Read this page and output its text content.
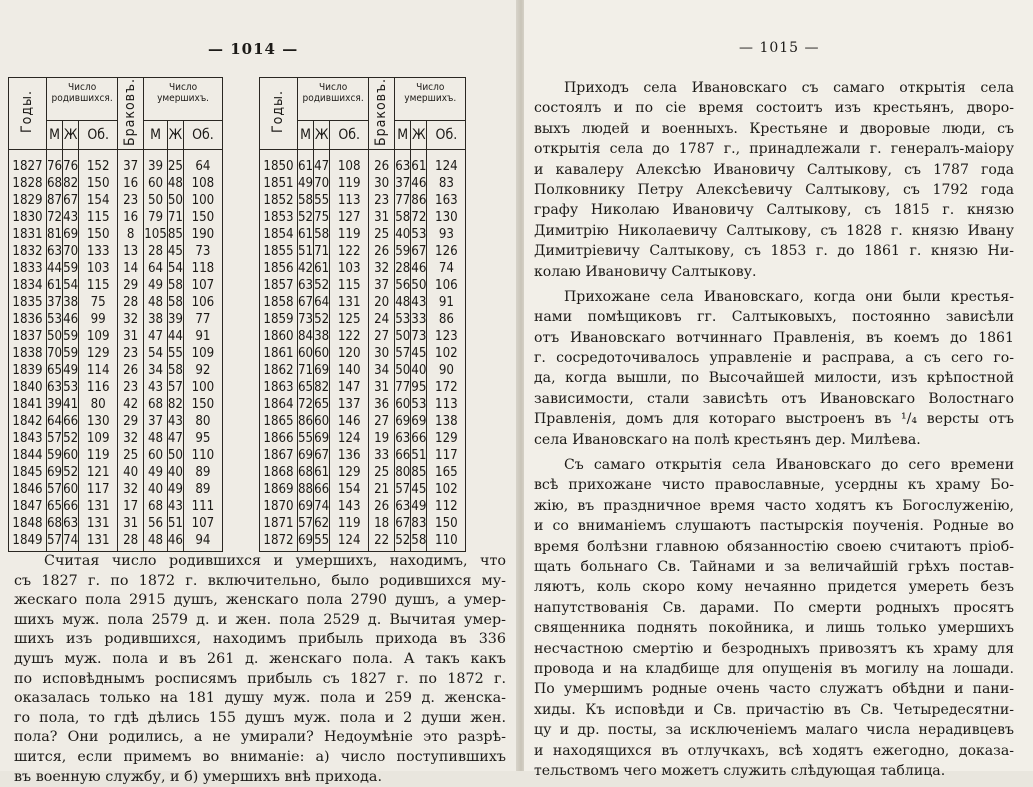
— 1014 —
Годы.	Число родившихся.			Браковъ.	Число умершихъ.		
	М	Ж	Об.		М	Ж	Об.
1827	76	76	152	37	39	25	64
1828	68	82	150	16	60	48	108
1829	87	67	154	23	50	50	100
1830	72	43	115	16	79	71	150
1831	81	69	150	8	105	85	190
1832	63	70	133	13	28	45	73
1833	44	59	103	14	64	54	118
1834	61	54	115	29	49	58	107
1835	37	38	75	28	48	58	106
1836	53	46	99	32	38	39	77
1837	50	59	109	31	47	44	91
1838	70	59	129	23	54	55	109
1839	65	49	114	26	34	58	92
1840	63	53	116	23	43	57	100
1841	39	41	80	42	68	82	150
1842	64	66	130	29	37	43	80
1843	57	52	109	32	48	47	95
1844	59	60	119	25	60	50	110
1845	69	52	121	40	49	40	89
1846	57	60	117	32	40	49	89
1847	65	66	131	17	68	43	111
1848	68	63	131	31	56	51	107
1849	57	74	131	28	48	46	94
Годы.	Число родившихся.			Браковъ.	Число умершихъ.		
	М	Ж	Об.		М	Ж	Об.
1850	61	47	108	26	63	61	124
1851	49	70	119	30	37	46	83
1852	58	55	113	23	77	86	163
1853	52	75	127	31	58	72	130
1854	61	58	119	25	40	53	93
1855	51	71	122	26	59	67	126
1856	42	61	103	32	28	46	74
1857	63	52	115	37	56	50	106
1858	67	64	131	20	48	43	91
1859	73	52	125	24	53	33	86
1860	84	38	122	27	50	73	123
1861	60	60	120	30	57	45	102
1862	71	69	140	34	50	40	90
1863	65	82	147	31	77	95	172
1864	72	65	137	36	60	53	113
1865	86	60	146	27	69	69	138
1866	55	69	124	19	63	66	129
1867	69	67	136	33	66	51	117
1868	68	61	129	25	80	85	165
1869	88	66	154	21	57	45	102
1870	69	74	143	26	63	49	112
1871	57	62	119	18	67	83	150
1872	69	55	124	22	52	58	110
Считая число родившихся и умершихъ, находимъ, что
съ 1827 г. по 1872 г. включительно, было родившихся му-
жескаго пола 2915 душъ, женскаго пола 2790 душъ, а умер-
шихъ муж. пола 2579 д. и жен. пола 2529 д. Вычитая умер-
шихъ изъ родившихся, находимъ прибыль прихода въ 336
душъ муж. пола и въ 261 д. женскаго пола. А такъ какъ
по исповѣднымъ росписямъ прибыль съ 1827 г. по 1872 г.
оказалась только на 181 душу муж. пола и 259 д. женска-
го пола, то гдѣ дѣлись 155 душъ муж. пола и 2 души жен.
пола? Они родились, а не умирали? Недоумѣніе это разрѣ-
шится, если примемъ во вниманіе: а) число поступившихъ
въ военную службу, и б) умершихъ внѣ прихода.
— 1015 —
Приходъ села Ивановскаго съ самаго открытія села
состоялъ и по сіе время состоитъ изъ крестьянъ, дворо-
выхъ людей и военныхъ. Крестьяне и дворовые люди, съ
открытія села до 1787 г., принадлежали г. генералъ-маіору
и кавалеру Алексѣю Ивановичу Салтыкову, съ 1787 года
Полковнику Петру Алексѣевичу Салтыкову, съ 1792 года
графу Николаю Ивановичу Салтыкову, съ 1815 г. князю
Димитрію Николаевичу Салтыкову, съ 1828 г. князю Ивану
Димитріевичу Салтыкову, съ 1853 г. до 1861 г. князю Ни-
колаю Ивановичу Салтыкову.
Прихожане села Ивановскаго, когда они были крестья-
нами помѣщиковъ гг. Салтыковыхъ, постоянно зависѣли
отъ Ивановскаго вотчиннаго Правленія, въ коемъ до 1861
г. сосредоточивалось управленіе и расправа, а съ сего го-
да, когда вышли, по Высочайшей милости, изъ крѣпостной
зависимости, стали зависѣть отъ Ивановскаго Волостнаго
Правленія, домъ для котораго выстроенъ въ ¹/₄ версты отъ
села Ивановскаго на полѣ крестьянъ дер. Милѣева.
Съ самаго открытія села Ивановскаго до сего времени
всѣ прихожане чисто православные, усердны къ храму Бо-
жію, въ праздничное время часто ходятъ къ Богослуженію,
и со вниманіемъ слушаютъ пастырскія поученія. Родные во
время болѣзни главною обязанностію своею считаютъ пріоб-
щать больнаго Св. Тайнами и за величайшій грѣхъ постав-
ляютъ, коль скоро кому нечаянно придется умереть безъ
напутствованія Св. дарами. По смерти родныхъ просятъ
священника поднять покойника, и лишь только умершихъ
несчастною смертію и безродныхъ привозятъ къ храму для
провода и на кладбище для опущенія въ могилу на лошади.
По умершимъ родные очень часто служатъ обѣдни и пани-
хиды. Къ исповѣди и Св. причастію въ Св. Четыредесятни-
цу и др. посты, за исключеніемъ малаго числа нерадивцевъ
и находящихся въ отлучкахъ, всѣ ходятъ ежегодно, доказа-
тельствомъ чего можетъ служить слѣдующая таблица.
